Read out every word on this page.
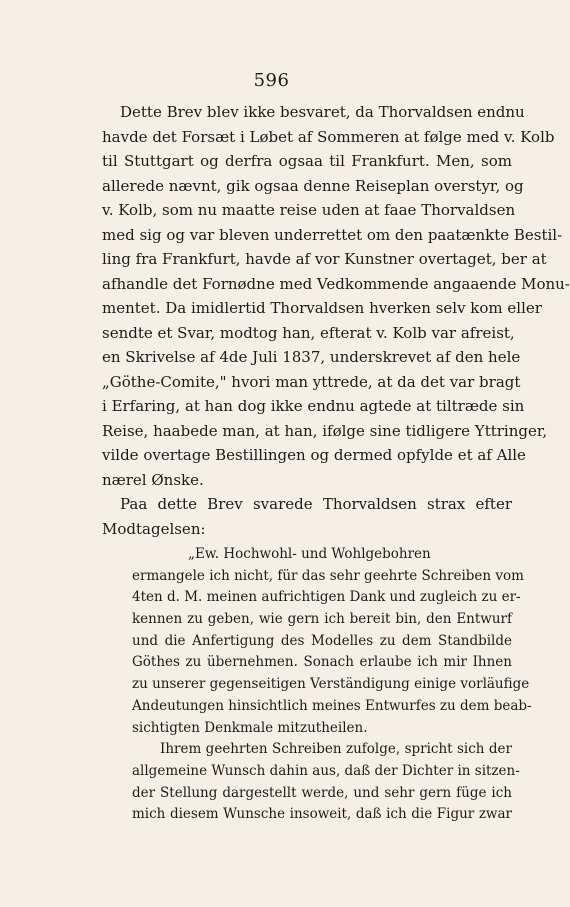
596
Dette Brev blev ikke besvaret, da Thorvaldsen endnu
havde det Forsæt i Løbet af Sommeren at følge med v. Kolb
til Stuttgart og derfra ogsaa til Frankfurt. Men, som
allerede nævnt, gik ogsaa denne Reiseplan overstyr, og
v. Kolb, som nu maatte reise uden at faae Thorvaldsen
med sig og var bleven underrettet om den paatænkte Bestil-
ling fra Frankfurt, havde af vor Kunstner overtaget, ber at
afhandle det Fornødne med Vedkommende angaaende Monu-
mentet. Da imidlertid Thorvaldsen hverken selv kom eller
sendte et Svar, modtog han, efterat v. Kolb var afreist,
en Skrivelse af 4de Juli 1837, underskrevet af den hele
„Göthe-Comite," hvori man yttrede, at da det var bragt
i Erfaring, at han dog ikke endnu agtede at tiltræde sin
Reise, haabede man, at han, ifølge sine tidligere Yttringer,
vilde overtage Bestillingen og dermed opfylde et af Alle
nærel Ønske.
Paa dette Brev svarede Thorvaldsen strax efter
Modtagelsen:
„Ew. Hochwohl- und Wohlgebohren
ermangele ich nicht, für das sehr geehrte Schreiben vom
4ten d. M. meinen aufrichtigen Dank und zugleich zu er-
kennen zu geben, wie gern ich bereit bin, den Entwurf
und die Anfertigung des Modelles zu dem Standbilde
Göthes zu übernehmen. Sonach erlaube ich mir Ihnen
zu unserer gegenseitigen Verständigung einige vorläufige
Andeutungen hinsichtlich meines Entwurfes zu dem beab-
sichtigten Denkmale mitzutheilen.
Ihrem geehrten Schreiben zufolge, spricht sich der
allgemeine Wunsch dahin aus, daß der Dichter in sitzen-
der Stellung dargestellt werde, und sehr gern füge ich
mich diesem Wunsche insoweit, daß ich die Figur zwar
